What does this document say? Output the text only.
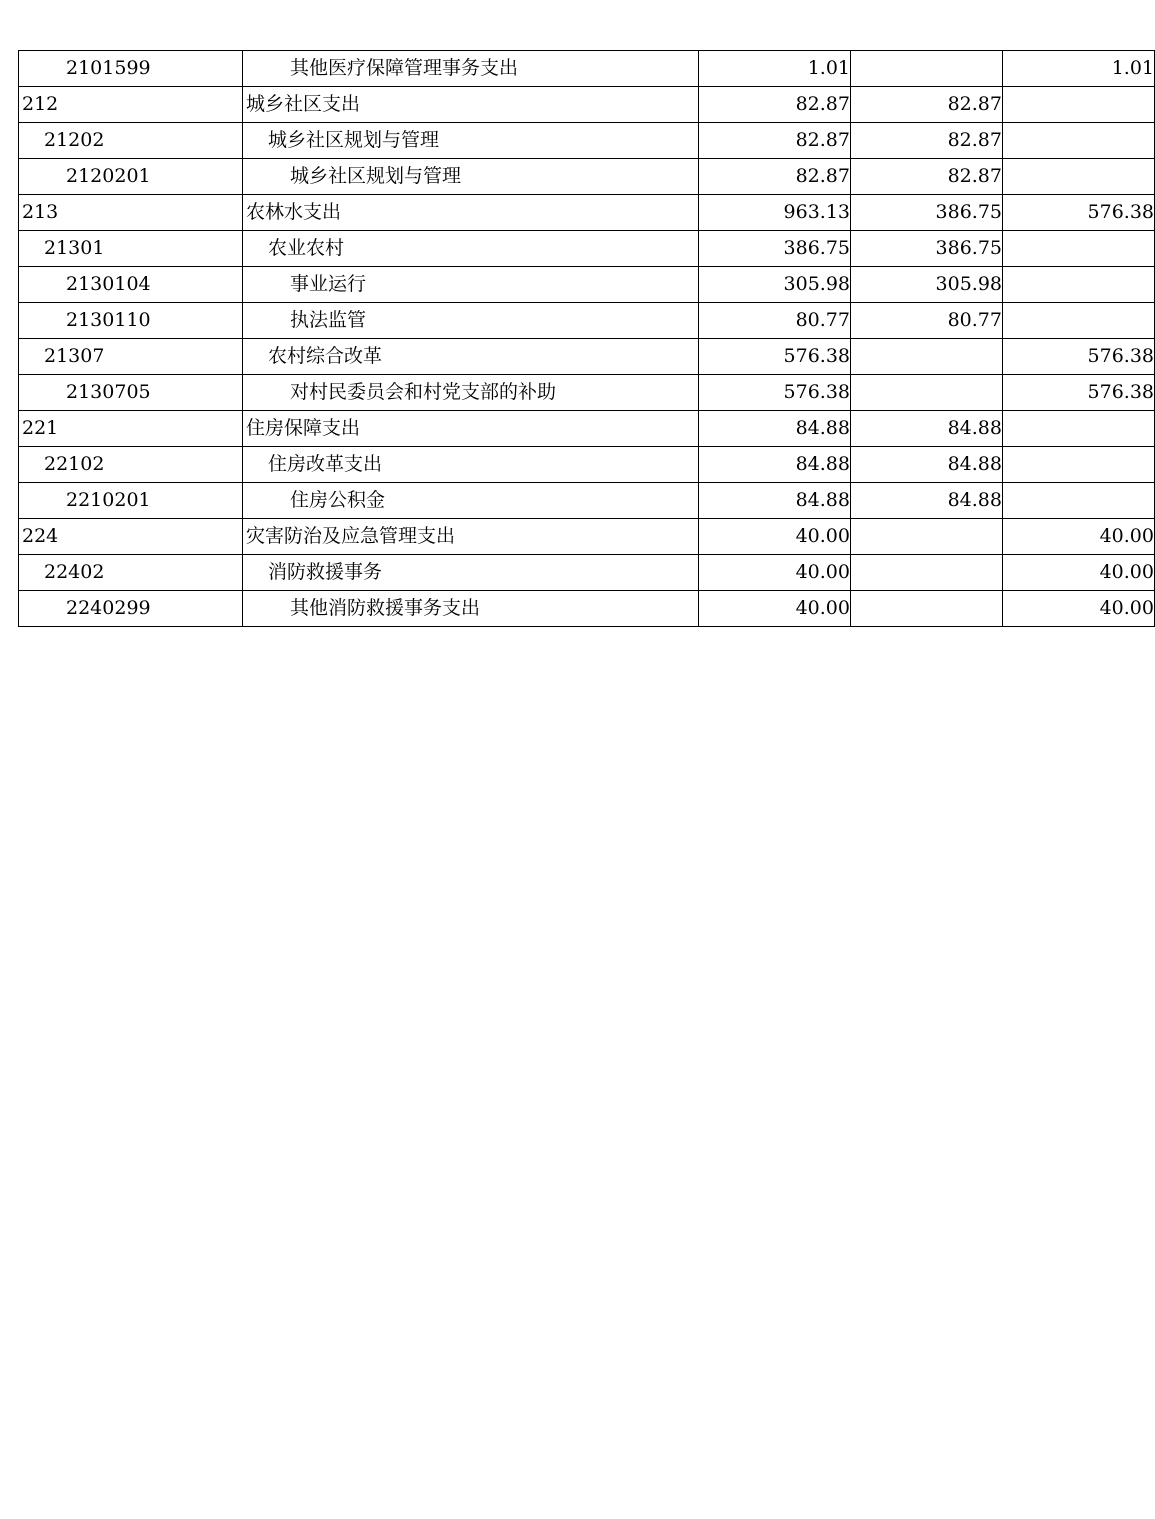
2101599	其他医疗保障管理事务支出	1.01		1.01
212	城乡社区支出	82.87	82.87	
21202	城乡社区规划与管理	82.87	82.87	
2120201	城乡社区规划与管理	82.87	82.87	
213	农林水支出	963.13	386.75	576.38
21301	农业农村	386.75	386.75	
2130104	事业运行	305.98	305.98	
2130110	执法监管	80.77	80.77	
21307	农村综合改革	576.38		576.38
2130705	对村民委员会和村党支部的补助	576.38		576.38
221	住房保障支出	84.88	84.88	
22102	住房改革支出	84.88	84.88	
2210201	住房公积金	84.88	84.88	
224	灾害防治及应急管理支出	40.00		40.00
22402	消防救援事务	40.00		40.00
2240299	其他消防救援事务支出	40.00		40.00
